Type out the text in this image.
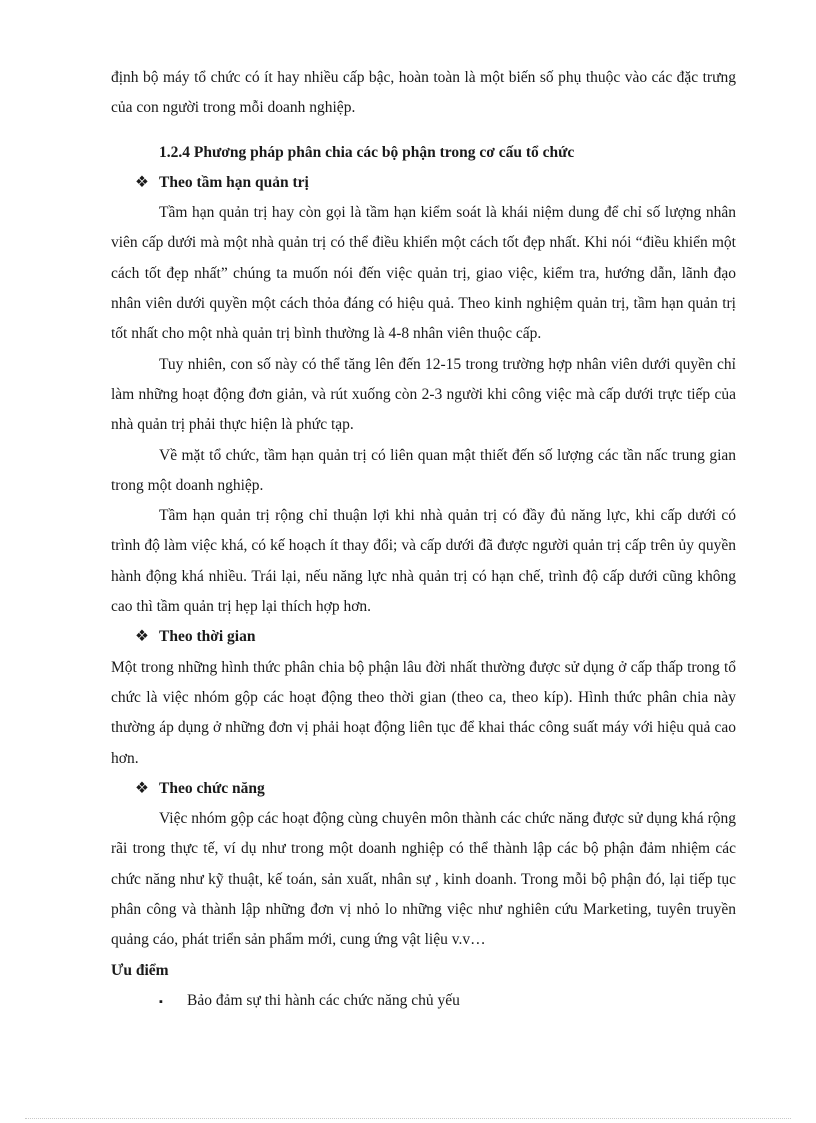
định bộ máy tổ chức có ít hay nhiều cấp bậc, hoàn toàn là một biến số phụ thuộc vào các đặc trưng của con người trong mỗi doanh nghiệp.

1.2.4 Phương pháp phân chia các bộ phận trong cơ cấu tổ chức

❖ Theo tầm hạn quản trị

Tầm hạn quản trị hay còn gọi là tầm hạn kiểm soát là khái niệm dung để chỉ số lượng nhân viên cấp dưới mà một nhà quản trị có thể điều khiển một cách tốt đẹp nhất. Khi nói “điều khiển một cách tốt đẹp nhất” chúng ta muốn nói đến việc quản trị, giao việc, kiểm tra, hướng dẫn, lãnh đạo nhân viên dưới quyền một cách thỏa đáng có hiệu quả. Theo kinh nghiệm quản trị, tầm hạn quản trị tốt nhất cho một nhà quản trị bình thường là 4-8 nhân viên thuộc cấp.

Tuy nhiên, con số này có thể tăng lên đến 12-15 trong trường hợp nhân viên dưới quyền chỉ làm những hoạt động đơn giản, và rút xuống còn 2-3 người khi công việc mà cấp dưới trực tiếp của nhà quản trị phải thực hiện là phức tạp.

Về mặt tổ chức, tầm hạn quản trị có liên quan mật thiết đến số lượng các tần nấc trung gian trong một doanh nghiệp.

Tầm hạn quản trị rộng chỉ thuận lợi khi nhà quản trị có đầy đủ năng lực, khi cấp dưới có trình độ làm việc khá, có kế hoạch ít thay đổi; và cấp dưới đã được người quản trị cấp trên ủy quyền hành động khá nhiều. Trái lại, nếu năng lực nhà quản trị có hạn chế, trình độ cấp dưới cũng không cao thì tầm quản trị hẹp lại thích hợp hơn.

❖ Theo thời gian

Một trong những hình thức phân chia bộ phận lâu đời nhất thường được sử dụng ở cấp thấp trong tổ chức là việc nhóm gộp các hoạt động theo thời gian (theo ca, theo kíp). Hình thức phân chia này thường áp dụng ở những đơn vị phải hoạt động liên tục để khai thác công suất máy với hiệu quả cao hơn.

❖ Theo chức năng

Việc nhóm gộp các hoạt động cùng chuyên môn thành các chức năng được sử dụng khá rộng rãi trong thực tế, ví dụ như trong một doanh nghiệp có thể thành lập các bộ phận đảm nhiệm các chức năng như kỹ thuật, kế toán, sản xuất, nhân sự , kinh doanh. Trong mỗi bộ phận đó, lại tiếp tục phân công và thành lập những đơn vị nhỏ lo những việc như nghiên cứu Marketing, tuyên truyền quảng cáo, phát triển sản phẩm mới, cung ứng vật liệu v.v…

Ưu điểm

▪ Bảo đảm sự thi hành các chức năng chủ yếu
